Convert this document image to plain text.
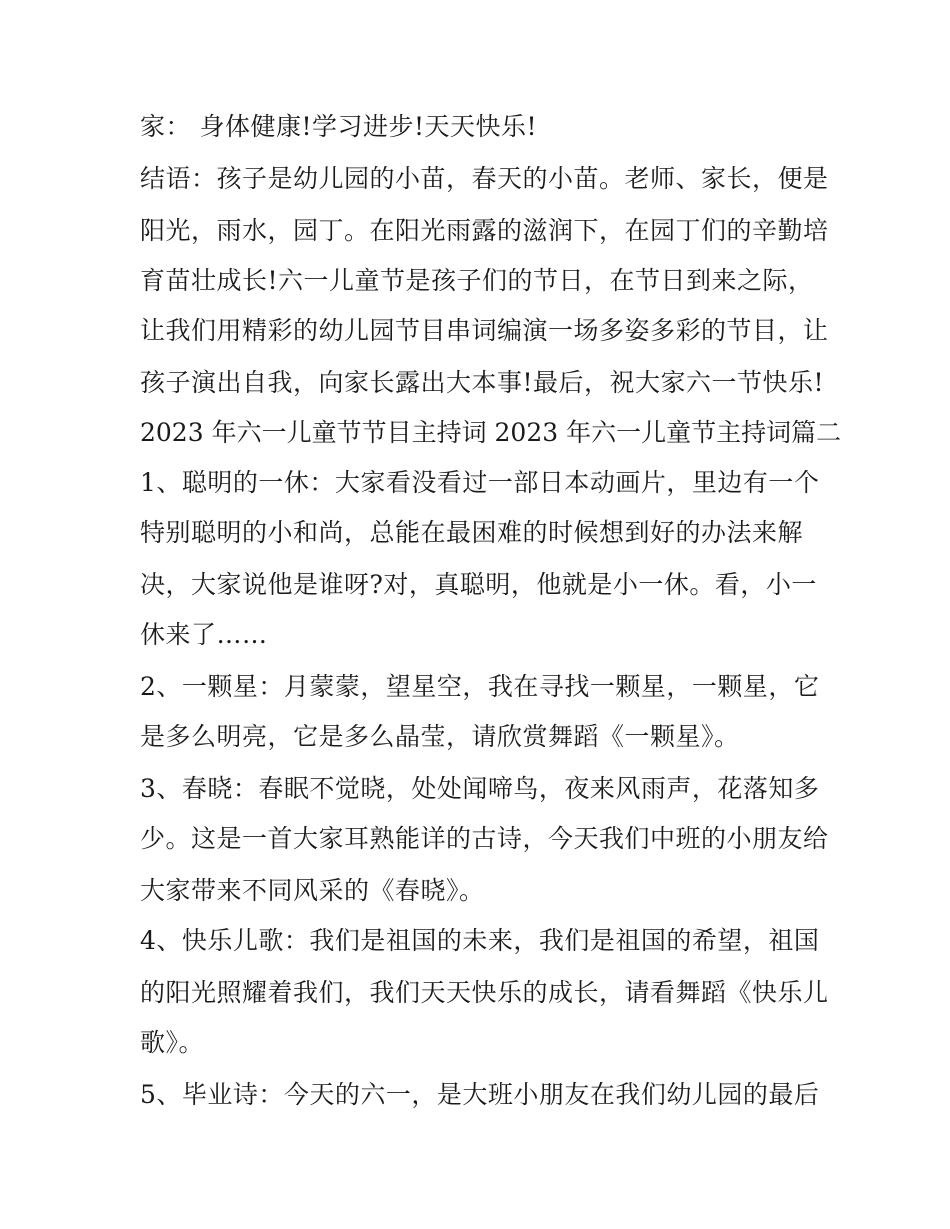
家： 身体健康!学习进步!天天快乐!

结语：孩子是幼儿园的小苗，春天的小苗。老师、家长，便是

阳光，雨水，园丁。在阳光雨露的滋润下，在园丁们的辛勤培

育苗壮成长!六一儿童节是孩子们的节日，在节日到来之际，

让我们用精彩的幼儿园节目串词编演一场多姿多彩的节目，让

孩子演出自我，向家长露出大本事!最后，祝大家六一节快乐!

2023 年六一儿童节节目主持词 2023 年六一儿童节主持词篇二

1、聪明的一休：大家看没看过一部日本动画片，里边有一个

特别聪明的小和尚，总能在最困难的时候想到好的办法来解

决，大家说他是谁呀?对，真聪明，他就是小一休。看，小一

休来了……

2、一颗星：月蒙蒙，望星空，我在寻找一颗星，一颗星，它

是多么明亮，它是多么晶莹，请欣赏舞蹈《一颗星》。

3、春晓：春眠不觉晓，处处闻啼鸟，夜来风雨声，花落知多

少。这是一首大家耳熟能详的古诗，今天我们中班的小朋友给

大家带来不同风采的《春晓》。

4、快乐儿歌：我们是祖国的未来，我们是祖国的希望，祖国

的阳光照耀着我们，我们天天快乐的成长，请看舞蹈《快乐儿

歌》。

5、毕业诗：今天的六一，是大班小朋友在我们幼儿园的最后
